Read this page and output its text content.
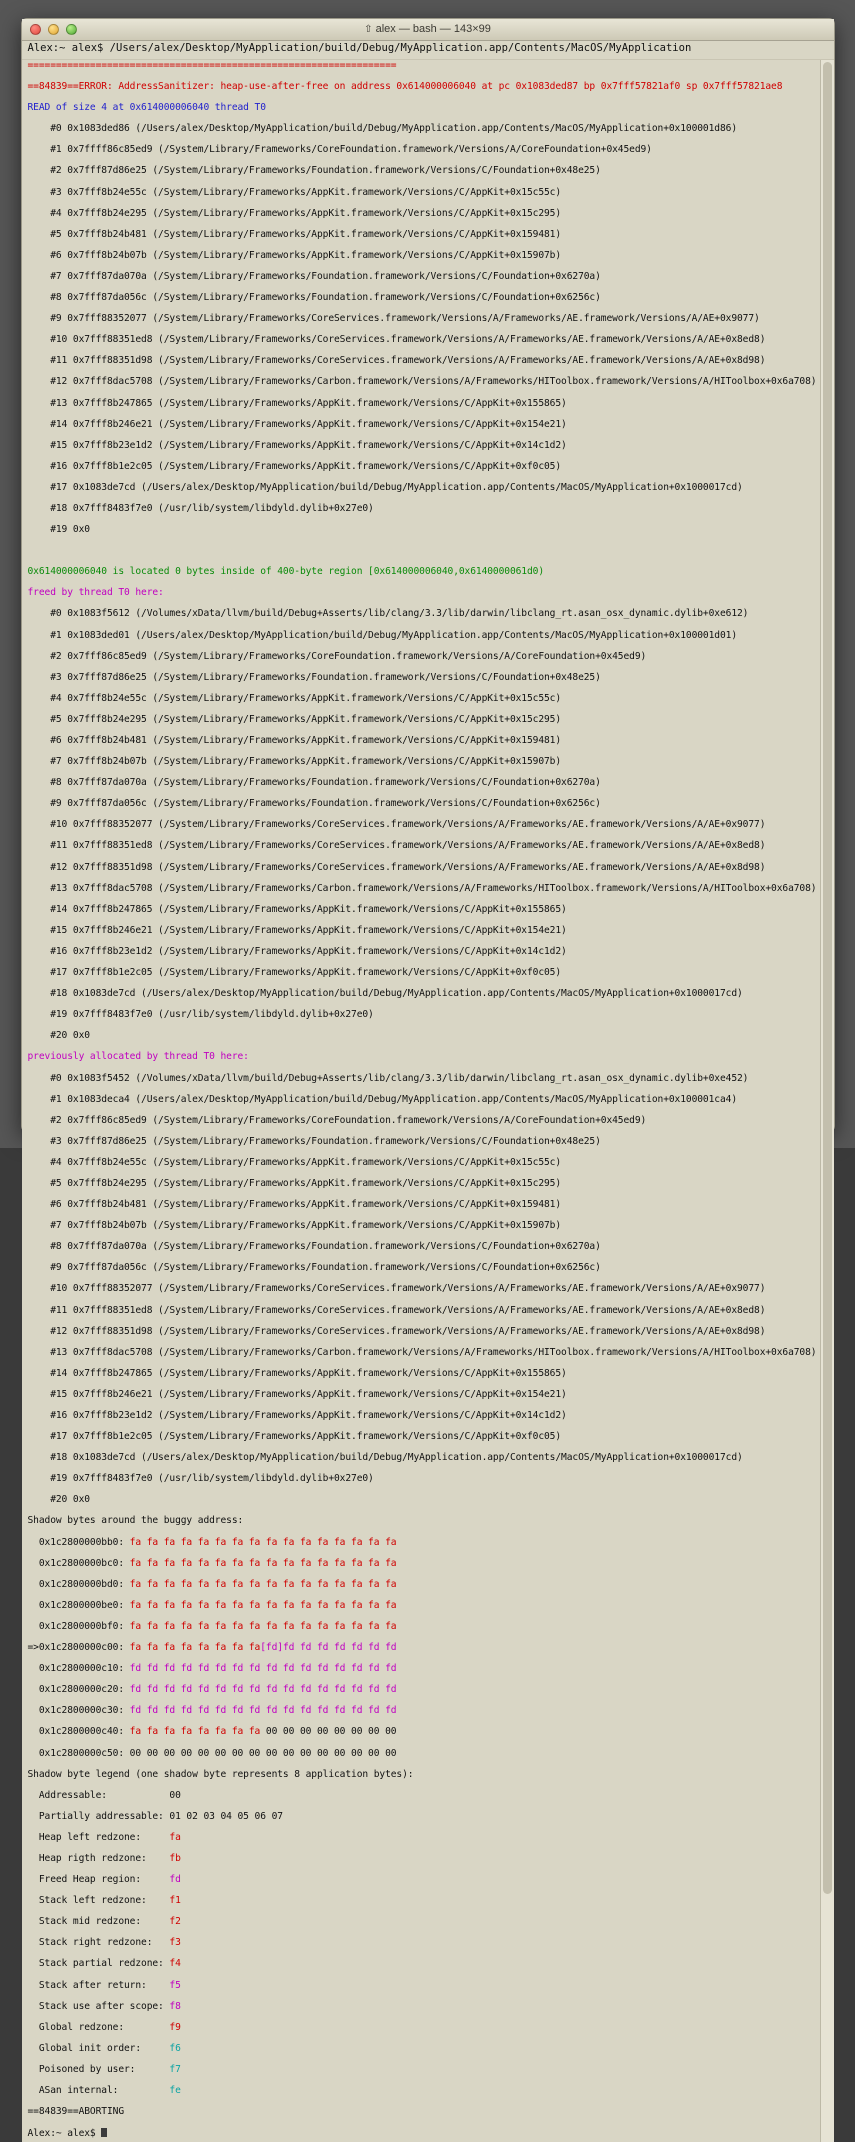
⇧ alex — bash — 143×99
Alex:~ alex$ /Users/alex/Desktop/MyApplication/build/Debug/MyApplication.app/Contents/MacOS/MyApplication
=================================================================

==84839==ERROR: AddressSanitizer: heap-use-after-free on address 0x614000006040 at pc 0x1083ded87 bp 0x7fff57821af0 sp 0x7fff57821ae8

READ of size 4 at 0x614000006040 thread T0

#0 0x1083ded86 (/Users/alex/Desktop/MyApplication/build/Debug/MyApplication.app/Contents/MacOS/MyApplication+0x100001d86)

#1 0x7ffff86c85ed9 (/System/Library/Frameworks/CoreFoundation.framework/Versions/A/CoreFoundation+0x45ed9)

#2 0x7fff87d86e25 (/System/Library/Frameworks/Foundation.framework/Versions/C/Foundation+0x48e25)

#3 0x7fff8b24e55c (/System/Library/Frameworks/AppKit.framework/Versions/C/AppKit+0x15c55c)

#4 0x7fff8b24e295 (/System/Library/Frameworks/AppKit.framework/Versions/C/AppKit+0x15c295)

#5 0x7fff8b24b481 (/System/Library/Frameworks/AppKit.framework/Versions/C/AppKit+0x159481)

#6 0x7fff8b24b07b (/System/Library/Frameworks/AppKit.framework/Versions/C/AppKit+0x15907b)

#7 0x7fff87da070a (/System/Library/Frameworks/Foundation.framework/Versions/C/Foundation+0x6270a)

#8 0x7fff87da056c (/System/Library/Frameworks/Foundation.framework/Versions/C/Foundation+0x6256c)

#9 0x7fff88352077 (/System/Library/Frameworks/CoreServices.framework/Versions/A/Frameworks/AE.framework/Versions/A/AE+0x9077)

#10 0x7fff88351ed8 (/System/Library/Frameworks/CoreServices.framework/Versions/A/Frameworks/AE.framework/Versions/A/AE+0x8ed8)

#11 0x7fff88351d98 (/System/Library/Frameworks/CoreServices.framework/Versions/A/Frameworks/AE.framework/Versions/A/AE+0x8d98)

#12 0x7fff8dac5708 (/System/Library/Frameworks/Carbon.framework/Versions/A/Frameworks/HIToolbox.framework/Versions/A/HIToolbox+0x6a708)

#13 0x7fff8b247865 (/System/Library/Frameworks/AppKit.framework/Versions/C/AppKit+0x155865)

#14 0x7fff8b246e21 (/System/Library/Frameworks/AppKit.framework/Versions/C/AppKit+0x154e21)

#15 0x7fff8b23e1d2 (/System/Library/Frameworks/AppKit.framework/Versions/C/AppKit+0x14c1d2)

#16 0x7fff8b1e2c05 (/System/Library/Frameworks/AppKit.framework/Versions/C/AppKit+0xf0c05)

#17 0x1083de7cd (/Users/alex/Desktop/MyApplication/build/Debug/MyApplication.app/Contents/MacOS/MyApplication+0x1000017cd)

#18 0x7fff8483f7e0 (/usr/lib/system/libdyld.dylib+0x27e0)

#19 0x0

0x614000006040 is located 0 bytes inside of 400-byte region [0x614000006040,0x6140000061d0)

freed by thread T0 here:

#0 0x1083f5612 (/Volumes/xData/llvm/build/Debug+Asserts/lib/clang/3.3/lib/darwin/libclang_rt.asan_osx_dynamic.dylib+0xe612)

#1 0x1083ded01 (/Users/alex/Desktop/MyApplication/build/Debug/MyApplication.app/Contents/MacOS/MyApplication+0x100001d01)

#2 0x7fff86c85ed9 (/System/Library/Frameworks/CoreFoundation.framework/Versions/A/CoreFoundation+0x45ed9)

#3 0x7fff87d86e25 (/System/Library/Frameworks/Foundation.framework/Versions/C/Foundation+0x48e25)

#4 0x7fff8b24e55c (/System/Library/Frameworks/AppKit.framework/Versions/C/AppKit+0x15c55c)

#5 0x7fff8b24e295 (/System/Library/Frameworks/AppKit.framework/Versions/C/AppKit+0x15c295)

#6 0x7fff8b24b481 (/System/Library/Frameworks/AppKit.framework/Versions/C/AppKit+0x159481)

#7 0x7fff8b24b07b (/System/Library/Frameworks/AppKit.framework/Versions/C/AppKit+0x15907b)

#8 0x7fff87da070a (/System/Library/Frameworks/Foundation.framework/Versions/C/Foundation+0x6270a)

#9 0x7fff87da056c (/System/Library/Frameworks/Foundation.framework/Versions/C/Foundation+0x6256c)

#10 0x7fff88352077 (/System/Library/Frameworks/CoreServices.framework/Versions/A/Frameworks/AE.framework/Versions/A/AE+0x9077)

#11 0x7fff88351ed8 (/System/Library/Frameworks/CoreServices.framework/Versions/A/Frameworks/AE.framework/Versions/A/AE+0x8ed8)

#12 0x7fff88351d98 (/System/Library/Frameworks/CoreServices.framework/Versions/A/Frameworks/AE.framework/Versions/A/AE+0x8d98)

#13 0x7fff8dac5708 (/System/Library/Frameworks/Carbon.framework/Versions/A/Frameworks/HIToolbox.framework/Versions/A/HIToolbox+0x6a708)

#14 0x7fff8b247865 (/System/Library/Frameworks/AppKit.framework/Versions/C/AppKit+0x155865)

#15 0x7fff8b246e21 (/System/Library/Frameworks/AppKit.framework/Versions/C/AppKit+0x154e21)

#16 0x7fff8b23e1d2 (/System/Library/Frameworks/AppKit.framework/Versions/C/AppKit+0x14c1d2)

#17 0x7fff8b1e2c05 (/System/Library/Frameworks/AppKit.framework/Versions/C/AppKit+0xf0c05)

#18 0x1083de7cd (/Users/alex/Desktop/MyApplication/build/Debug/MyApplication.app/Contents/MacOS/MyApplication+0x1000017cd)

#19 0x7fff8483f7e0 (/usr/lib/system/libdyld.dylib+0x27e0)

#20 0x0

previously allocated by thread T0 here:

#0 0x1083f5452 (/Volumes/xData/llvm/build/Debug+Asserts/lib/clang/3.3/lib/darwin/libclang_rt.asan_osx_dynamic.dylib+0xe452)

#1 0x1083deca4 (/Users/alex/Desktop/MyApplication/build/Debug/MyApplication.app/Contents/MacOS/MyApplication+0x100001ca4)

#2 0x7fff86c85ed9 (/System/Library/Frameworks/CoreFoundation.framework/Versions/A/CoreFoundation+0x45ed9)

#3 0x7fff87d86e25 (/System/Library/Frameworks/Foundation.framework/Versions/C/Foundation+0x48e25)

#4 0x7fff8b24e55c (/System/Library/Frameworks/AppKit.framework/Versions/C/AppKit+0x15c55c)

#5 0x7fff8b24e295 (/System/Library/Frameworks/AppKit.framework/Versions/C/AppKit+0x15c295)

#6 0x7fff8b24b481 (/System/Library/Frameworks/AppKit.framework/Versions/C/AppKit+0x159481)

#7 0x7fff8b24b07b (/System/Library/Frameworks/AppKit.framework/Versions/C/AppKit+0x15907b)

#8 0x7fff87da070a (/System/Library/Frameworks/Foundation.framework/Versions/C/Foundation+0x6270a)

#9 0x7fff87da056c (/System/Library/Frameworks/Foundation.framework/Versions/C/Foundation+0x6256c)

#10 0x7fff88352077 (/System/Library/Frameworks/CoreServices.framework/Versions/A/Frameworks/AE.framework/Versions/A/AE+0x9077)

#11 0x7fff88351ed8 (/System/Library/Frameworks/CoreServices.framework/Versions/A/Frameworks/AE.framework/Versions/A/AE+0x8ed8)

#12 0x7fff88351d98 (/System/Library/Frameworks/CoreServices.framework/Versions/A/Frameworks/AE.framework/Versions/A/AE+0x8d98)

#13 0x7fff8dac5708 (/System/Library/Frameworks/Carbon.framework/Versions/A/Frameworks/HIToolbox.framework/Versions/A/HIToolbox+0x6a708)

#14 0x7fff8b247865 (/System/Library/Frameworks/AppKit.framework/Versions/C/AppKit+0x155865)

#15 0x7fff8b246e21 (/System/Library/Frameworks/AppKit.framework/Versions/C/AppKit+0x154e21)

#16 0x7fff8b23e1d2 (/System/Library/Frameworks/AppKit.framework/Versions/C/AppKit+0x14c1d2)

#17 0x7fff8b1e2c05 (/System/Library/Frameworks/AppKit.framework/Versions/C/AppKit+0xf0c05)

#18 0x1083de7cd (/Users/alex/Desktop/MyApplication/build/Debug/MyApplication.app/Contents/MacOS/MyApplication+0x1000017cd)

#19 0x7fff8483f7e0 (/usr/lib/system/libdyld.dylib+0x27e0)

#20 0x0

Shadow bytes around the buggy address:

0x1c2800000bb0: fa fa fa fa fa fa fa fa fa fa fa fa fa fa fa fa

0x1c2800000bc0: fa fa fa fa fa fa fa fa fa fa fa fa fa fa fa fa

0x1c2800000bd0: fa fa fa fa fa fa fa fa fa fa fa fa fa fa fa fa

0x1c2800000be0: fa fa fa fa fa fa fa fa fa fa fa fa fa fa fa fa

0x1c2800000bf0: fa fa fa fa fa fa fa fa fa fa fa fa fa fa fa fa

=>0x1c2800000c00: fa fa fa fa fa fa fa fa[fd]fd fd fd fd fd fd fd

0x1c2800000c10: fd fd fd fd fd fd fd fd fd fd fd fd fd fd fd fd

0x1c2800000c20: fd fd fd fd fd fd fd fd fd fd fd fd fd fd fd fd

0x1c2800000c30: fd fd fd fd fd fd fd fd fd fd fd fd fd fd fd fd

0x1c2800000c40: fa fa fa fa fa fa fa fa 00 00 00 00 00 00 00 00

0x1c2800000c50: 00 00 00 00 00 00 00 00 00 00 00 00 00 00 00 00

Shadow byte legend (one shadow byte represents 8 application bytes):

Addressable:           00

Partially addressable: 01 02 03 04 05 06 07

Heap left redzone:     fa

Heap rigth redzone:    fb

Freed Heap region:     fd

Stack left redzone:    f1

Stack mid redzone:     f2

Stack right redzone:   f3

Stack partial redzone: f4

Stack after return:    f5

Stack use after scope: f8

Global redzone:        f9

Global init order:     f6

Poisoned by user:      f7

ASan internal:         fe

==84839==ABORTING

Alex:~ alex$
